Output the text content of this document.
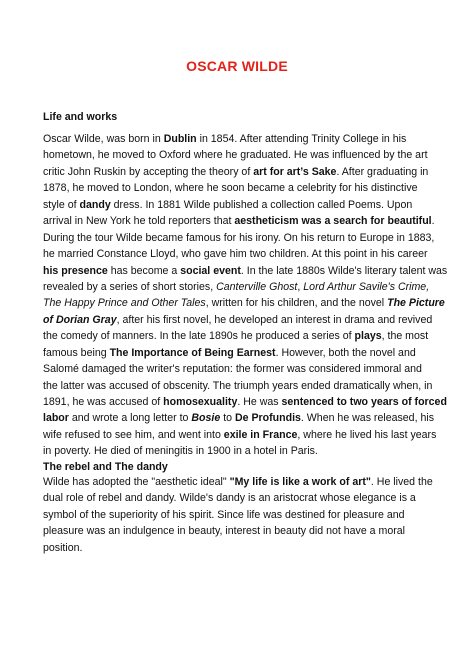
OSCAR WILDE
Life and works
Oscar Wilde, was born in Dublin in 1854. After attending Trinity College in his
hometown, he moved to Oxford where he graduated. He was influenced by the art
critic John Ruskin by accepting the theory of art for art’s Sake. After graduating in
1878, he moved to London, where he soon became a celebrity for his distinctive
style of dandy dress. In 1881 Wilde published a collection called Poems. Upon
arrival in New York he told reporters that aestheticism was a search for beautiful.
During the tour Wilde became famous for his irony. On his return to Europe in 1883,
he married Constance Lloyd, who gave him two children. At this point in his career
his presence has become a social event. In the late 1880s Wilde's literary talent was
revealed by a series of short stories, Canterville Ghost, Lord Arthur Savile's Crime,
The Happy Prince and Other Tales, written for his children, and the novel The Picture
of Dorian Gray, after his first novel, he developed an interest in drama and revived
the comedy of manners. In the late 1890s he produced a series of plays, the most
famous being The Importance of Being Earnest. However, both the novel and
Salomé damaged the writer's reputation: the former was considered immoral and
the latter was accused of obscenity. The triumph years ended dramatically when, in
1891, he was accused of homosexuality. He was sentenced to two years of forced
labor and wrote a long letter to Bosie to De Profundis. When he was released, his
wife refused to see him, and went into exile in France, where he lived his last years
in poverty. He died of meningitis in 1900 in a hotel in Paris.
The rebel and The dandy
Wilde has adopted the "aesthetic ideal" "My life is like a work of art". He lived the
dual role of rebel and dandy. Wilde's dandy is an aristocrat whose elegance is a
symbol of the superiority of his spirit. Since life was destined for pleasure and
pleasure was an indulgence in beauty, interest in beauty did not have a moral
position.
